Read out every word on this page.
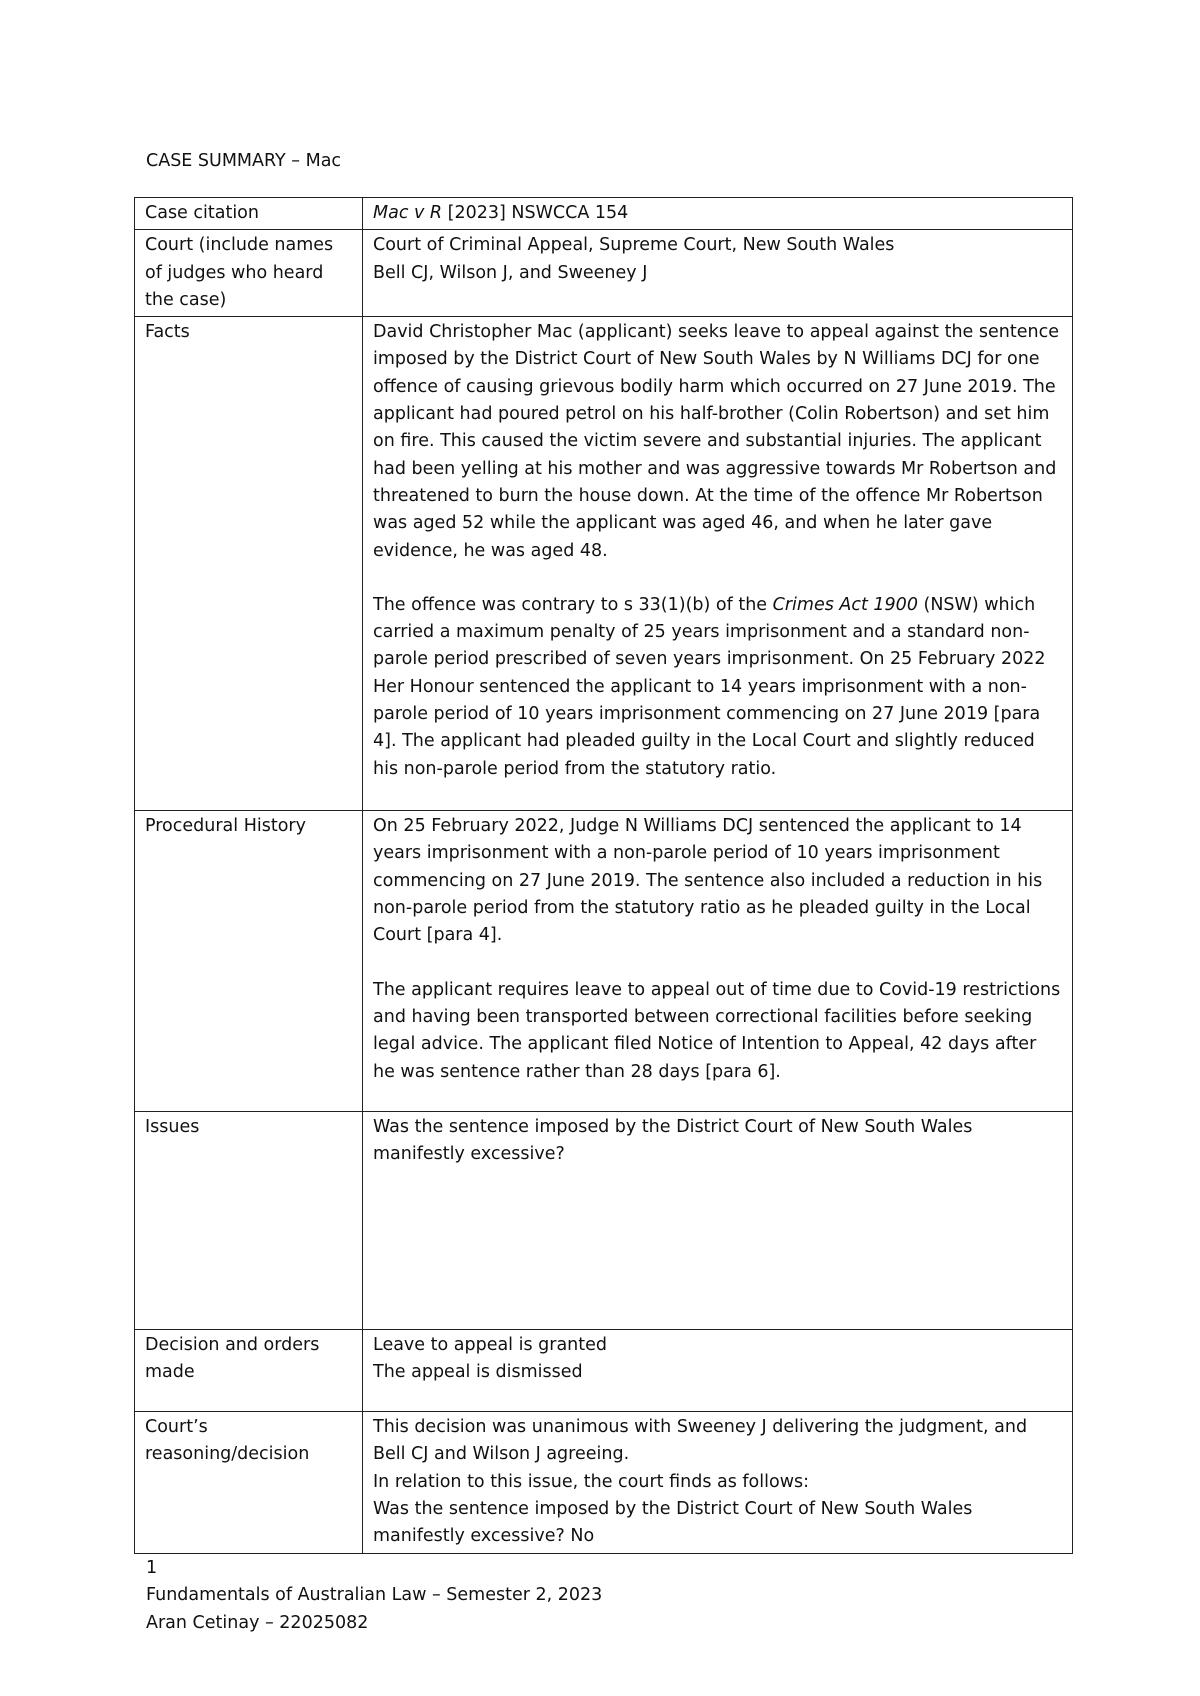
CASE SUMMARY – Mac
Case citation	Mac v R [2023] NSWCCA 154
Court (include names of judges who heard the case)	Court of Criminal Appeal, Supreme Court, New South Wales
Bell CJ, Wilson J, and Sweeney J

Facts	David Christopher Mac (applicant) seeks leave to appeal against the sentence imposed by the District Court of New South Wales by N Williams DCJ for one offence of causing grievous bodily harm which occurred on 27 June 2019. The applicant had poured petrol on his half-brother (Colin Robertson) and set him on fire. This caused the victim severe and substantial injuries. The applicant had been yelling at his mother and was aggressive towards Mr Robertson and threatened to burn the house down. At the time of the offence Mr Robertson was aged 52 while the applicant was aged 46, and when he later gave evidence, he was aged 48.
The offence was contrary to s 33(1)(b) of the Crimes Act 1900 (NSW) which carried a maximum penalty of 25 years imprisonment and a standard non-parole period prescribed of seven years imprisonment. On 25 February 2022 Her Honour sentenced the applicant to 14 years imprisonment with a non-parole period of 10 years imprisonment commencing on 27 June 2019 [para 4]. The applicant had pleaded guilty in the Local Court and slightly reduced his non-parole period from the statutory ratio.

Procedural History	On 25 February 2022, Judge N Williams DCJ sentenced the applicant to 14 years imprisonment with a non-parole period of 10 years imprisonment commencing on 27 June 2019. The sentence also included a reduction in his non-parole period from the statutory ratio as he pleaded guilty in the Local Court [para 4].
The applicant requires leave to appeal out of time due to Covid-19 restrictions and having been transported between correctional facilities before seeking legal advice. The applicant filed Notice of Intention to Appeal, 42 days after he was sentence rather than 28 days [para 6].

Issues	Was the sentence imposed by the District Court of New South Wales manifestly excessive?

Decision and orders made	Leave to appeal is granted
The appeal is dismissed

Court’s reasoning/decision	This decision was unanimous with Sweeney J delivering the judgment, and Bell CJ and Wilson J agreeing.
In relation to this issue, the court finds as follows:
Was the sentence imposed by the District Court of New South Wales manifestly excessive? No
1
Fundamentals of Australian Law – Semester 2, 2023
Aran Cetinay – 22025082
